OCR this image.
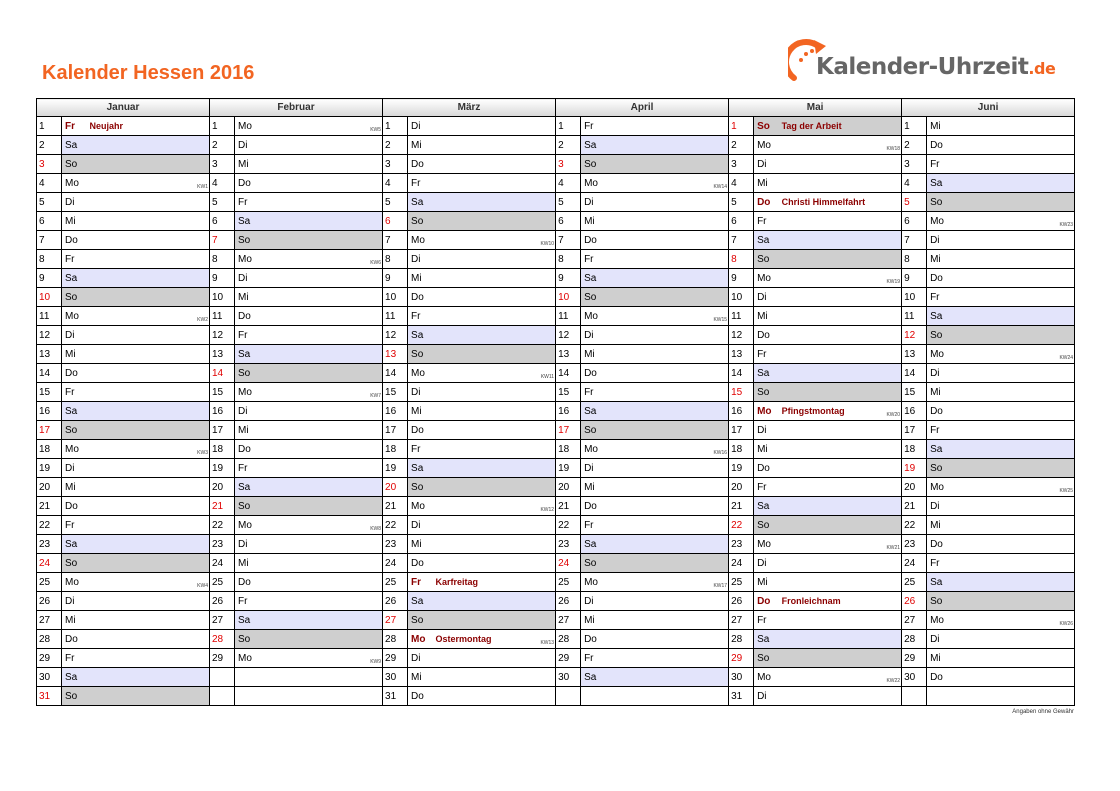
Kalender Hessen 2016	Kalender-Uhrzeit.de
Januar			Februar			März			April			Mai			Juni		
1	Fr	Neujahr	1	Mo	KW5	1	Di		1	Fr		1	So	Tag der Arbeit	1	Mi	
2	Sa		2	Di		2	Mi		2	Sa		2	Mo	KW18	2	Do	
3	So		3	Mi		3	Do		3	So		3	Di		3	Fr	
4	Mo	KW1	4	Do		4	Fr		4	Mo	KW14	4	Mi		4	Sa	
5	Di		5	Fr		5	Sa		5	Di		5	Do	Christi Himmelfahrt	5	So	
6	Mi		6	Sa		6	So		6	Mi		6	Fr		6	Mo	KW23

7	Do		7	So		7	Mo	KW10	7	Do		7	Sa		7	Di	
8	Fr		8	Mo	KW6	8	Di		8	Fr		8	So		8	Mi	
9	Sa		9	Di		9	Mi		9	Sa		9	Mo	KW19	9	Do	
10	So		10	Mi		10	Do		10	So		10	Di		10	Fr	
11	Mo	KW2	11	Do		11	Fr		11	Mo	KW15	11	Mi		11	Sa	
12	Di		12	Fr		12	Sa		12	Di		12	Do		12	So	
13	Mi		13	Sa		13	So		13	Mi		13	Fr		13	Mo	KW24

14	Do		14	So		14	Mo	KW11	14	Do		14	Sa		14	Di	
15	Fr		15	Mo	KW7	15	Di		15	Fr		15	So		15	Mi	
16	Sa		16	Di		16	Mi		16	Sa		16	Mo	Pfingstmontag KW20	16	Do	
17	So		17	Mi		17	Do		17	So		17	Di		17	Fr	
18	Mo	KW3	18	Do		18	Fr		18	Mo	KW16	18	Mi		18	Sa	
19	Di		19	Fr		19	Sa		19	Di		19	Do		19	So	
20	Mi		20	Sa		20	So		20	Mi		20	Fr		20	Mo	KW25

21	Do		21	So		21	Mo	KW12	21	Do		21	Sa		21	Di	
22	Fr		22	Mo	KW8	22	Di		22	Fr		22	So		22	Mi	
23	Sa		23	Di		23	Mi		23	Sa		23	Mo	KW21	23	Do	
24	So		24	Mi		24	Do		24	So		24	Di		24	Fr	
25	Mo	KW4	25	Do		25	Fr	Karfreitag	25	Mo	KW17	25	Mi		25	Sa	
26	Di		26	Fr		26	Sa		26	Di		26	Do	Fronleichnam	26	So	
27	Mi		27	Sa		27	So		27	Mi		27	Fr		27	Mo	KW26

28	Do		28	So		28	Mo	Ostermontag KW13	28	Do		28	Sa		28	Di	
29	Fr		29	Mo	KW9	29	Di		29	Fr		29	So		29	Mi	
30	Sa					30	Mi		30	Sa		30	Mo	KW22	30	Do	
31	So					31	Do					31	Di				
Angaben ohne Gewähr
